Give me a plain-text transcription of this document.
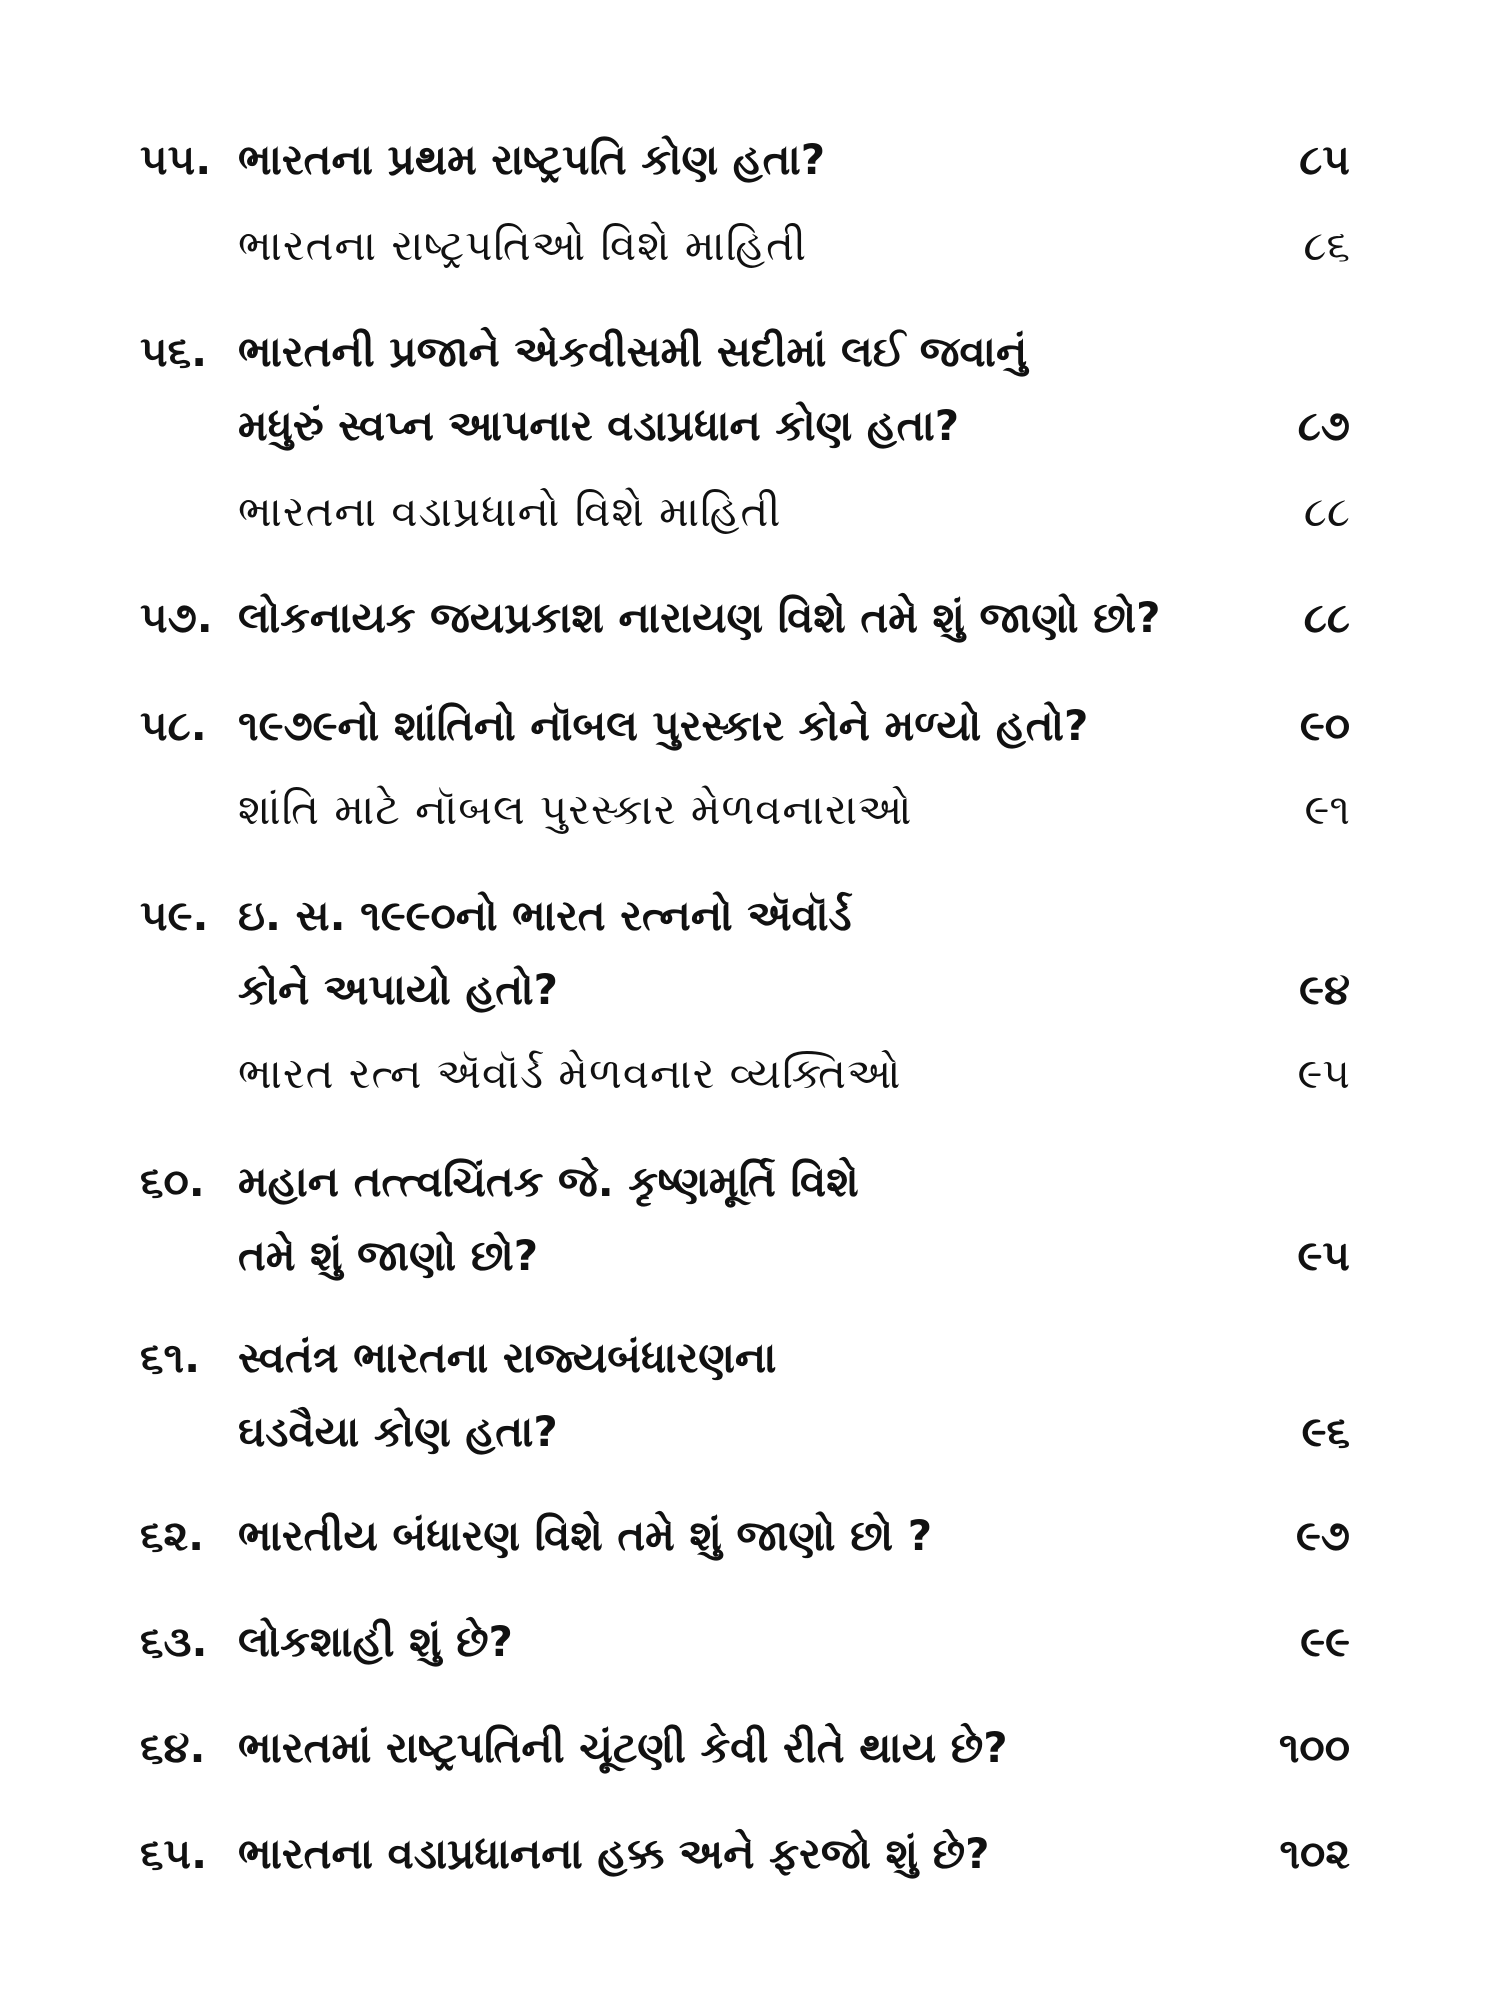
૫૫. ભારતના પ્રથમ રાષ્ટ્રપતિ કોણ હતા?	૮૫
ભારતના રાષ્ટ્રપતિઓ વિશે માહિતી	૮૬
૫૬. ભારતની પ્રજાને એકવીસમી સદીમાં લઈ જવાનું
મધુરું સ્વપ્ન આપનાર વડાપ્રધાન કોણ હતા?	૮૭
ભારતના વડાપ્રધાનો વિશે માહિતી	૮૮
૫૭. લોકનાયક જયપ્રકાશ નારાયણ વિશે તમે શું જાણો છો?	૮૮
૫૮. ૧૯૭૯નો શાંતિનો નૉબલ પુરસ્કાર કોને મળ્યો હતો?	૯૦
શાંતિ માટે નૉબલ પુરસ્કાર મેળવનારાઓ	૯૧
૫૯. ઇ. સ. ૧૯૯૦નો ભારત રત્નનો ઍવૉર્ડ
કોને અપાયો હતો?	૯૪
ભારત રત્ન ઍવૉર્ડ મેળવનાર વ્યક્તિઓ	૯૫
૬૦. મહાન તત્ત્વચિંતક જે. કૃષ્ણમૂર્તિ વિશે
તમે શું જાણો છો?	૯૫
૬૧. સ્વતંત્ર ભારતના રાજ્યબંધારણના
ઘડવૈયા કોણ હતા?	૯૬
૬૨. ભારતીય બંધારણ વિશે તમે શું જાણો છો ?	૯૭
૬૩. લોકશાહી શું છે?	૯૯
૬૪. ભારતમાં રાષ્ટ્રપતિની ચૂંટણી કેવી રીતે થાય છે?	૧૦૦
૬૫. ભારતના વડાપ્રધાનના હક્ક અને ફરજો શું છે?	૧૦૨
